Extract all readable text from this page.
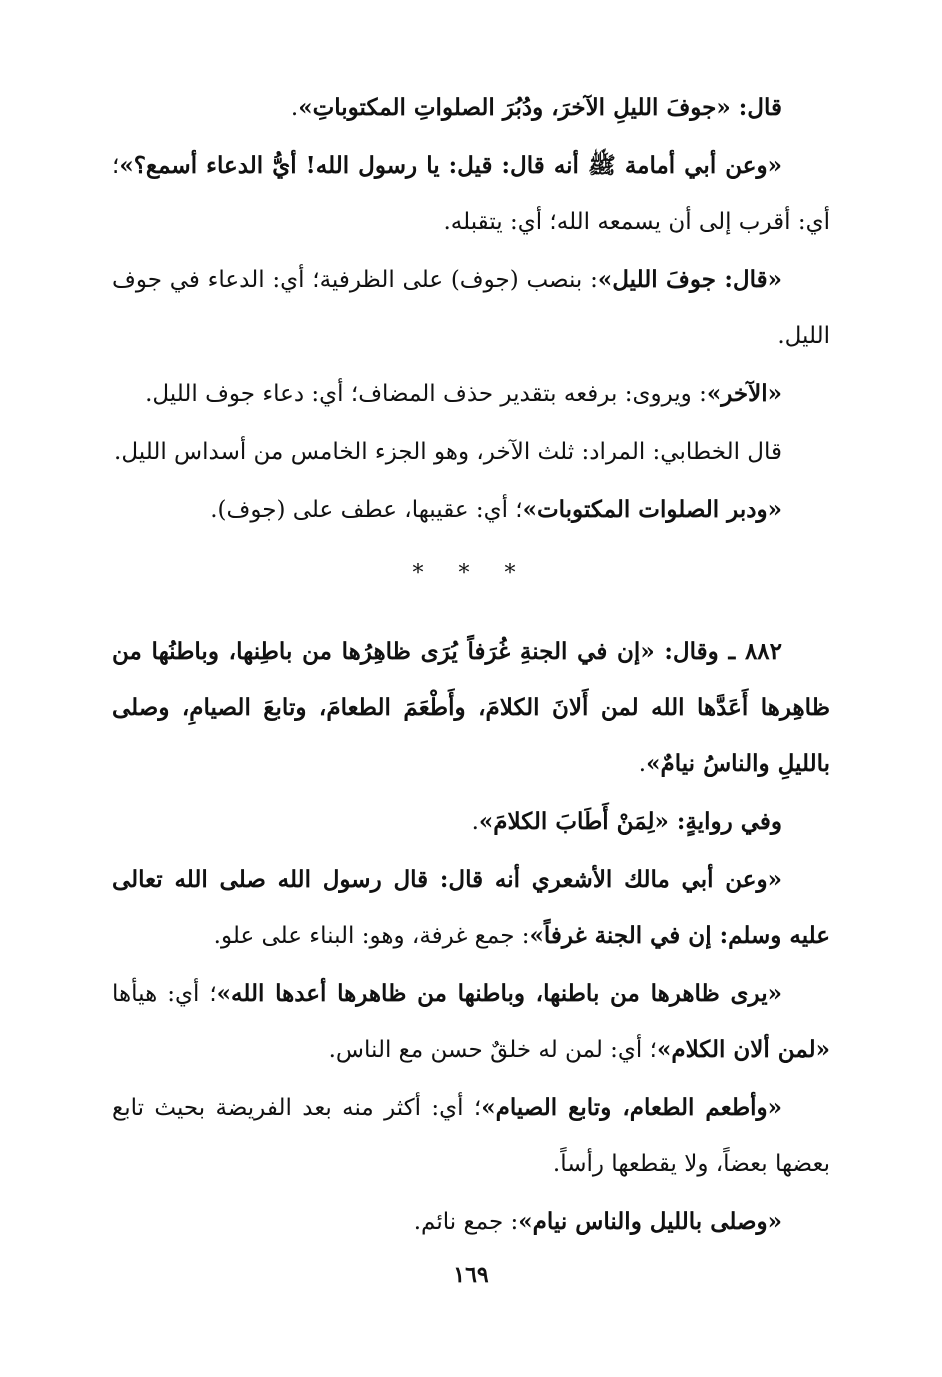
قال: «جوفَ الليلِ الآخرَ، ودُبُرَ الصلواتِ المكتوباتِ».

«وعن أبي أمامة ﷺ أنه قال: قيل: يا رسول الله! أيُّ الدعاء أسمع؟»؛ أي: أقرب إلى أن يسمعه الله؛ أي: يتقبله.

«قال: جوفَ الليل»: بنصب (جوف) على الظرفية؛ أي: الدعاء في جوف الليل.

«الآخر»: ويروى: برفعه بتقدير حذف المضاف؛ أي: دعاء جوف الليل.

قال الخطابي: المراد: ثلث الآخر، وهو الجزء الخامس من أسداس الليل.

«ودبر الصلوات المكتوبات»؛ أي: عقيبها، عطف على (جوف).

* * *

٨٨٢ ـ وقال: «إن في الجنةِ غُرَفاً يُرَى ظاهِرُها من باطِنها، وباطنُها من ظاهِرها أَعَدَّها الله لمن أَلانَ الكلامَ، وأَطْعَمَ الطعامَ، وتابعَ الصيامِ، وصلى بالليلِ والناسُ نيامٌ».

وفي روايةٍ: «لِمَنْ أَطَابَ الكلامَ».

«وعن أبي مالك الأشعري أنه قال: قال رسول الله صلى الله تعالى عليه وسلم: إن في الجنة غرفاً»: جمع غرفة، وهو: البناء على علو.

«يرى ظاهرها من باطنها، وباطنها من ظاهرها أعدها الله»؛ أي: هيأها «لمن ألان الكلام»؛ أي: لمن له خلقٌ حسن مع الناس.

«وأطعم الطعام، وتابع الصيام»؛ أي: أكثر منه بعد الفريضة بحيث تابع بعضها بعضاً، ولا يقطعها رأساً.

«وصلى بالليل والناس نيام»: جمع نائم.

١٦٩
